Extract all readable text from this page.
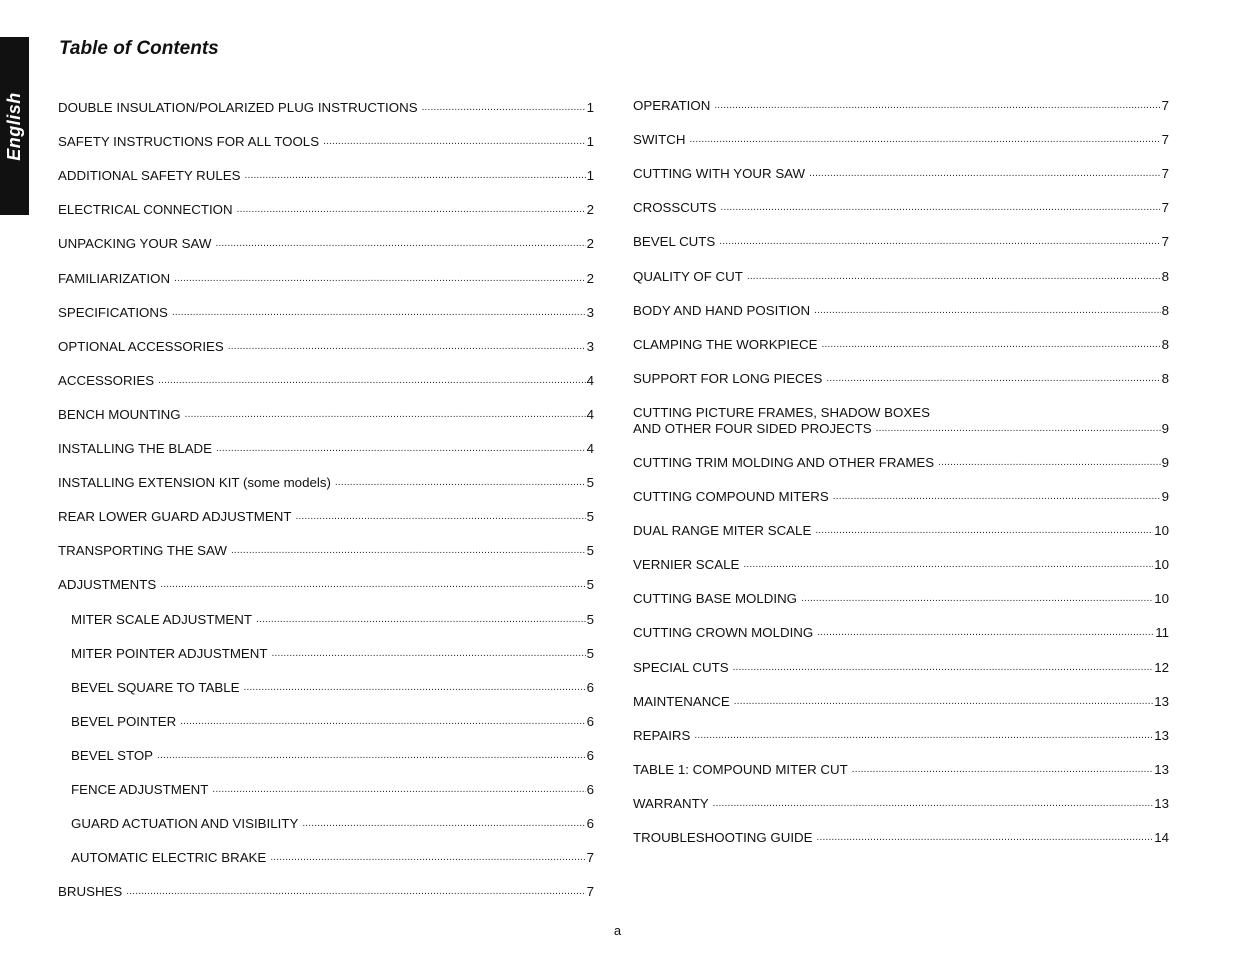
English
Table of Contents
DOUBLE INSULATION/POLARIZED PLUG INSTRUCTIONS .....	1
SAFETY INSTRUCTIONS FOR ALL TOOLS .....	1
ADDITIONAL SAFETY RULES .....	1
ELECTRICAL CONNECTION .....	2
UNPACKING YOUR SAW .....	2
FAMILIARIZATION .....	2
SPECIFICATIONS .....	3
OPTIONAL ACCESSORIES .....	3
ACCESSORIES .....	4
BENCH MOUNTING .....	4
INSTALLING THE BLADE .....	4
INSTALLING EXTENSION KIT (some models) .....	5
REAR LOWER GUARD ADJUSTMENT .....	5
TRANSPORTING THE SAW .....	5
ADJUSTMENTS .....	5
MITER SCALE ADJUSTMENT .....	5
MITER POINTER ADJUSTMENT .....	5
BEVEL SQUARE TO TABLE .....	6
BEVEL POINTER .....	6
BEVEL STOP .....	6
FENCE ADJUSTMENT .....	6
GUARD ACTUATION AND VISIBILITY .....	6
AUTOMATIC ELECTRIC BRAKE .....	7
BRUSHES .....	7
OPERATION .....	7
SWITCH .....	7
CUTTING WITH YOUR SAW .....	7
CROSSCUTS .....	7
BEVEL CUTS .....	7
QUALITY OF CUT .....	8
BODY AND HAND POSITION .....	8
CLAMPING THE WORKPIECE .....	8
SUPPORT FOR LONG PIECES .....	8
CUTTING PICTURE FRAMES, SHADOW BOXES
AND OTHER FOUR SIDED PROJECTS .....	9
CUTTING TRIM MOLDING AND OTHER FRAMES .....	9
CUTTING COMPOUND MITERS .....	9
DUAL RANGE MITER SCALE .....	10
VERNIER SCALE .....	10
CUTTING BASE MOLDING .....	10
CUTTING CROWN MOLDING .....	11
SPECIAL CUTS .....	12
MAINTENANCE .....	13
REPAIRS .....	13
TABLE 1: COMPOUND MITER CUT .....	13
WARRANTY .....	13
TROUBLESHOOTING GUIDE .....	14
a
